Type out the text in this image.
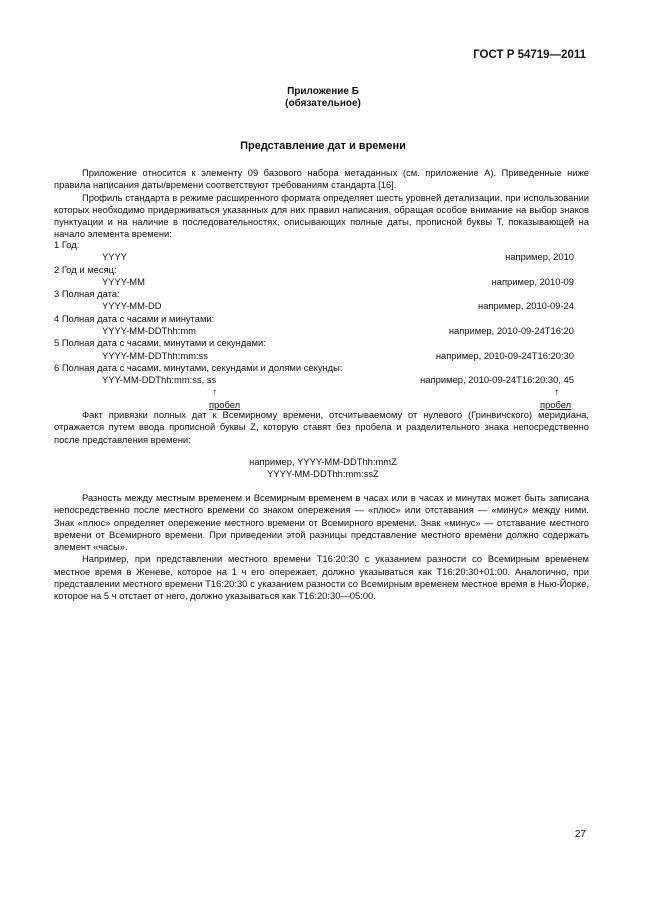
ГОСТ Р 54719—2011
Приложение Б
(обязательное)
Представление дат и времени

Приложение относится к элементу 09 базового набора метаданных (см. приложение А). Приведенные ниже правила написания даты/времени соответствуют требованиям стандарта [16].

Профиль стандарта в режиме расширенного формата определяет шесть уровней детализации, при использовании которых необходимо придерживаться указанных для них правил написания, обращая особое внимание на выбор знаков пунктуации и на наличие в последовательностях, описывающих полные даты, прописной буквы Т, показывающей на начало элемента времени:

1 Год:
YYYY	например, 2010
2 Год и месяц:
YYYY-MM	например, 2010-09
3 Полная дата:
YYYY-MM-DD	например, 2010-09-24
4 Полная дата с часами и минутами:
YYYY-MM-DDThh:mm	например, 2010-09-24Т16:20
5 Полная дата с часами, минутами и секундами:
YYYY-MM-DDThh:mm:ss	например, 2010-09-24Т16:20:30
6 Полная дата с часами, минутами, секундами и долями секунды:
YYY-MM-DDThh:mm:ss, ss	например, 2010-09-24Т16:20:30, 45
↑	↑
пробел	пробел

Факт привязки полных дат к Всемирному времени, отсчитываемому от нулевого (Гринвичского) меридиана, отражается путем ввода прописной буквы Z, которую ставят без пробела и разделительного знака непосредственно после представления времени:

например, YYYY-MM-DDThh:mmZ
YYYY-MM-DDThh:mm:ssZ

Разность между местным временем и Всемирным временем в часах или в часах и минутах может быть записана непосредственно после местного времени со знаком опережения — «плюс» или отставания — «минус» между ними. Знак «плюс» определяет опережение местного времени от Всемирного времени. Знак «минус» — отставание местного времени от Всемирного времени. При приведении этой разницы представление местного времени должно содержать элемент «часы».

Например, при представлении местного времени Т16:20:30 с указанием разности со Всемирным временем местное время в Женеве, которое на 1 ч его опережает, должно указываться как Т16:20:30+01:00. Аналогично, при представлении местного времени Т16:20:30 с указанием разности со Всемирным временем местное время в Нью-Йорке, которое на 5 ч отстает от него, должно указываться как Т16:20:30—05:00.

27
